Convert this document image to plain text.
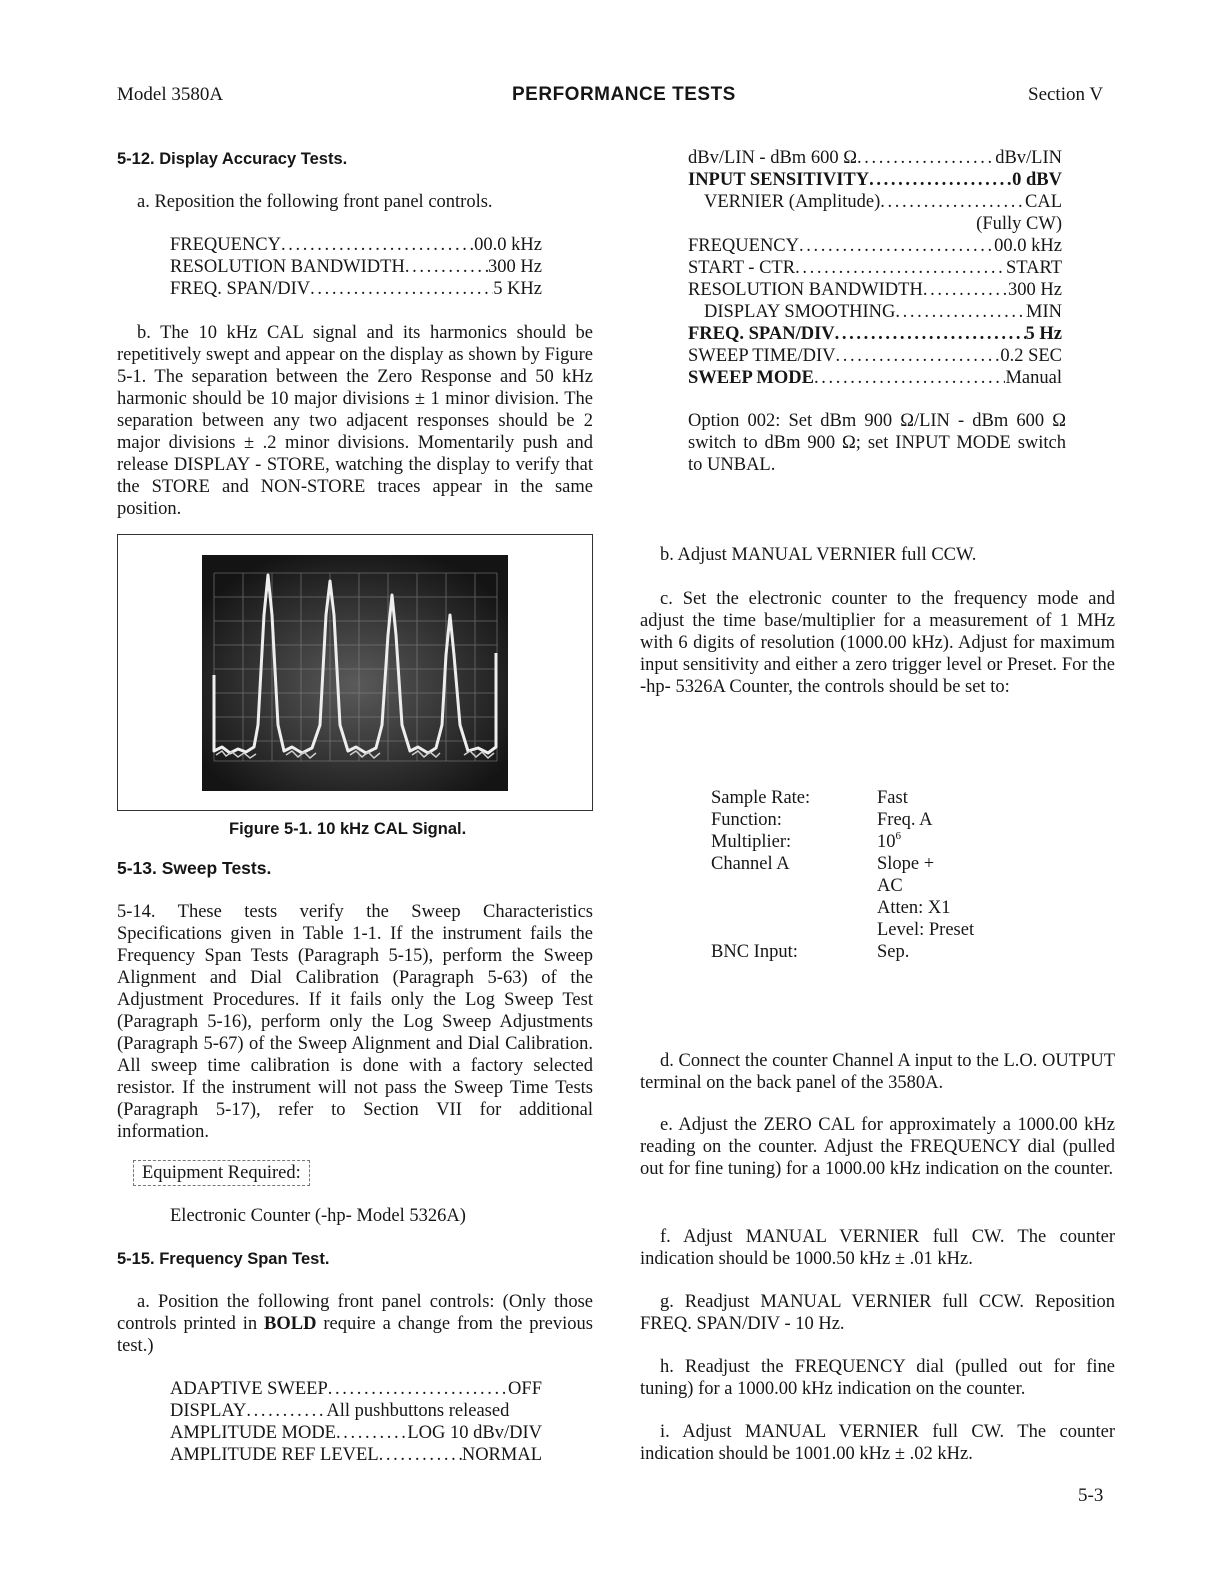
Model 3580A	PERFORMANCE TESTS	Section V
5-12. Display Accuracy Tests.
a. Reposition the following front panel controls.
FREQUENCY . . .	00.0 kHz
RESOLUTION BANDWIDTH . . .	300 Hz
FREQ. SPAN/DIV . . .	5 KHz
b. The 10 kHz CAL signal and its harmonics should be repetitively swept and appear on the display as shown by Figure 5-1. The separation between the Zero Response and 50 kHz harmonic should be 10 major divisions ± 1 minor division. The separation between any two adjacent responses should be 2 major divisions ± .2 minor divisions. Momentarily push and release DISPLAY - STORE, watching the display to verify that the STORE and NON-STORE traces appear in the same position.
Figure 5-1. 10 kHz CAL Signal.
5-13. Sweep Tests.
5-14. These tests verify the Sweep Characteristics Specifications given in Table 1-1. If the instrument fails the Frequency Span Tests (Paragraph 5-15), perform the Sweep Alignment and Dial Calibration (Paragraph 5-63) of the Adjustment Procedures. If it fails only the Log Sweep Test (Paragraph 5-16), perform only the Log Sweep Adjustments (Paragraph 5-67) of the Sweep Alignment and Dial Calibration. All sweep time calibration is done with a factory selected resistor. If the instrument will not pass the Sweep Time Tests (Paragraph 5-17), refer to Section VII for additional information.
Equipment Required:
Electronic Counter (-hp- Model 5326A)
5-15. Frequency Span Test.
a. Position the following front panel controls: (Only those controls printed in BOLD require a change from the previous test.)
ADAPTIVE SWEEP . . .	OFF
DISPLAY . . .	All pushbuttons released
AMPLITUDE MODE . . .	LOG 10 dBv/DIV
AMPLITUDE REF LEVEL . . .	NORMAL
dBv/LIN - dBm 600 Ω . . .	dBv/LIN
INPUT SENSITIVITY . . .	0 dBV
VERNIER (Amplitude) . . .	CAL
(Fully CW)
FREQUENCY . . .	00.0 kHz
START - CTR . . .	START
RESOLUTION BANDWIDTH . . .	300 Hz
DISPLAY SMOOTHING . . .	MIN
FREQ. SPAN/DIV . . .	5 Hz
SWEEP TIME/DIV . . .	0.2 SEC
SWEEP MODE . . .	Manual
Option 002: Set dBm 900 Ω/LIN - dBm 600 Ω switch to dBm 900 Ω; set INPUT MODE switch to UNBAL.
b. Adjust MANUAL VERNIER full CCW.
c. Set the electronic counter to the frequency mode and adjust the time base/multiplier for a measurement of 1 MHz with 6 digits of resolution (1000.00 kHz). Adjust for maximum input sensitivity and either a zero trigger level or Preset. For the -hp- 5326A Counter, the controls should be set to:
Sample Rate:	Fast
Function:	Freq. A
Multiplier:	$10^6$
Channel A	Slope +
AC
Atten: X1
Level: Preset
BNC Input:	Sep.
d. Connect the counter Channel A input to the L.O. OUTPUT terminal on the back panel of the 3580A.
e. Adjust the ZERO CAL for approximately a 1000.00 kHz reading on the counter. Adjust the FREQUENCY dial (pulled out for fine tuning) for a 1000.00 kHz indication on the counter.
f. Adjust MANUAL VERNIER full CW. The counter indication should be 1000.50 kHz ± .01 kHz.
g. Readjust MANUAL VERNIER full CCW. Reposition FREQ. SPAN/DIV - 10 Hz.
h. Readjust the FREQUENCY dial (pulled out for fine tuning) for a 1000.00 kHz indication on the counter.
i. Adjust MANUAL VERNIER full CW. The counter indication should be 1001.00 kHz ± .02 kHz.
5-3
